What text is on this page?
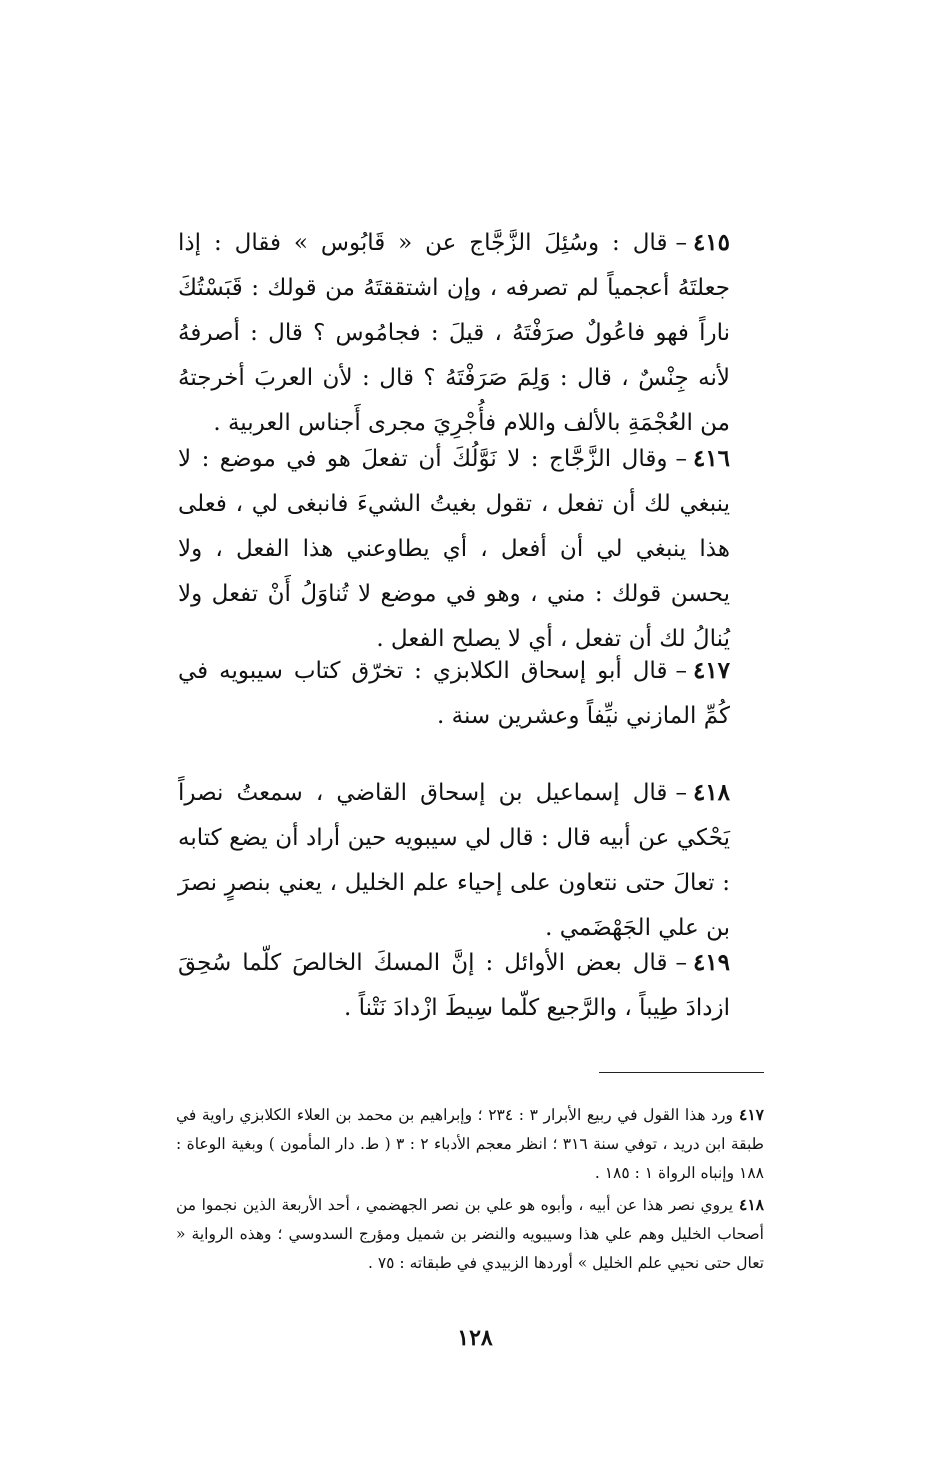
٤١٥–قال : وسُئِلَ الزَّجَّاج عن « قَابُوس » فقال : إذا جعلتَهُ أعجمياً لم تصرفه ، وإن اشتققتَهُ من قولك : قَبَسْتُكَ ناراً فهو فاعُولٌ صرَفْتَهُ ، قيلَ : فجامُوس ؟ قال : أصرفهُ لأنه جِنْسٌ ، قال : وَلِمَ صَرَفْتَهُ ؟ قال : لأن العربَ أخرجتهُ من العُجْمَةِ بالألف واللام فأُجْرِيَ مجرى أَجناس العربية .
٤١٦–وقال الزَّجَّاج : لا نَوَّلُكَ أن تفعلَ هو في موضع : لا ينبغي لك أن تفعل ، تقول بغيتُ الشيءَ فانبغى لي ، فعلى هذا ينبغي لي أن أفعل ، أي يطاوعني هذا الفعل ، ولا يحسن قولك : مني ، وهو في موضع لا تُناوَلُ أَنْ تفعل ولا يُنالُ لك أن تفعل ، أي لا يصلح الفعل .
٤١٧–قال أبو إسحاق الكلابزي : تخرّق كتاب سيبويه في كُمِّ المازني نيِّفاً وعشرين سنة .
٤١٨–قال إسماعيل بن إسحاق القاضي ، سمعتُ نصراً يَحْكي عن أبيه قال : قال لي سيبويه حين أراد أن يضع كتابه : تعالَ حتى نتعاون على إحياء علم الخليل ، يعني بنصرٍ نصرَ بن علي الجَهْضَمي .
٤١٩–قال بعض الأوائل : إنَّ المسكَ الخالصَ كلّما سُحِقَ ازدادَ طِيباً ، والرَّجيع كلّما سِيطَ ازْدادَ نَتْناً .
٤١٧ورد هذا القول في ربيع الأبرار ٣ : ٢٣٤ ؛ وإبراهيم بن محمد بن العلاء الكلابزي راوية في طبقة ابن دريد ، توفي سنة ٣١٦ ؛ انظر معجم الأدباء ٢ : ٣ ( ط. دار المأمون ) وبغية الوعاة : ١٨٨ وإنباه الرواة ١ : ١٨٥ .
٤١٨يروي نصر هذا عن أبيه ، وأبوه هو علي بن نصر الجهضمي ، أحد الأربعة الذين نجموا من أصحاب الخليل وهم علي هذا وسيبويه والنضر بن شميل ومؤرج السدوسي ؛ وهذه الرواية « تعال حتى نحيي علم الخليل » أوردها الزبيدي في طبقاته : ٧٥ .
١٢٨
